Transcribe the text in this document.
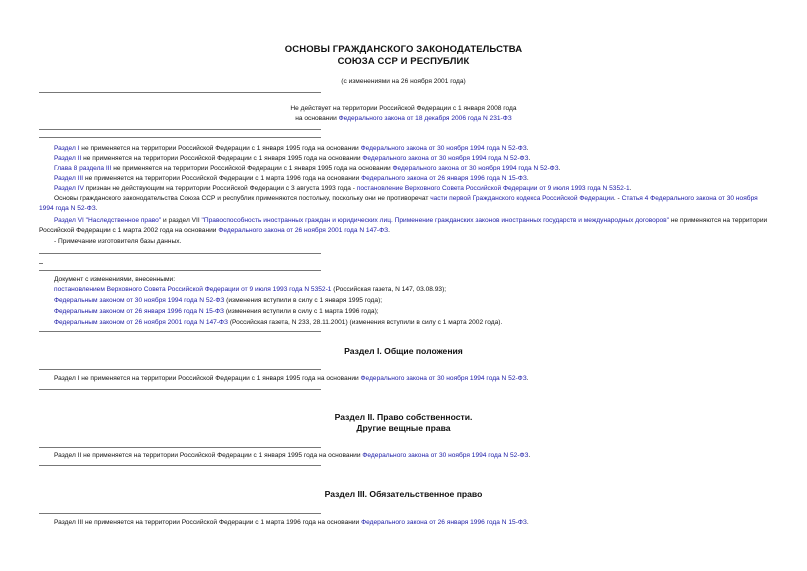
ОСНОВЫ ГРАЖДАНСКОГО ЗАКОНОДАТЕЛЬСТВА
СОЮЗА ССР И РЕСПУБЛИК
(с изменениями на 26 ноября 2001 года)
Не действует на территории Российской Федерации с 1 января 2008 года
на основании Федерального закона от 18 декабря 2006 года N 231-ФЗ
Раздел I не применяется на территории Российской Федерации с 1 января 1995 года на основании Федерального закона от 30 ноября 1994 года N 52-ФЗ.
Раздел II не применяется на территории Российской Федерации с 1 января 1995 года на основании Федерального закона от 30 ноября 1994 года N 52-ФЗ.
Глава 8 раздела III не применяется на территории Российской Федерации с 1 января 1995 года на основании Федерального закона от 30 ноября 1994 года N 52-ФЗ.
Раздел III не применяется на территории Российской Федерации с 1 марта 1996 года на основании Федерального закона от 26 января 1996 года N 15-ФЗ.
Раздел IV признан не действующим на территории Российской Федерации с 3 августа 1993 года - постановление Верховного Совета Российской Федерации от 9 июля 1993 года N 5352-1.
Основы гражданского законодательства Союза ССР и республик применяются постольку, поскольку они не противоречат части первой Гражданского кодекса Российской Федерации. - Статья 4 Федерального закона от 30 ноября 1994 года N 52-ФЗ.
Раздел VI "Наследственное право" и раздел VII "Правоспособность иностранных граждан и юридических лиц. Применение гражданских законов иностранных государств и международных договоров" не применяются на территории Российской Федерации с 1 марта 2002 года на основании Федерального закона от 26 ноября 2001 года N 147-ФЗ.
- Примечание изготовителя базы данных.
Документ с изменениями, внесенными:
постановлением Верховного Совета Российской Федерации от 9 июля 1993 года N 5352-1 (Российская газета, N 147, 03.08.93);
Федеральным законом от 30 ноября 1994 года N 52-ФЗ (изменения вступили в силу с 1 января 1995 года);
Федеральным законом от 26 января 1996 года N 15-ФЗ (изменения вступили в силу с 1 марта 1996 года);
Федеральным законом от 26 ноября 2001 года N 147-ФЗ (Российская газета, N 233, 28.11.2001) (изменения вступили в силу с 1 марта 2002 года).
Раздел I. Общие положения
Раздел I не применяется на территории Российской Федерации с 1 января 1995 года на основании Федерального закона от 30 ноября 1994 года N 52-ФЗ.
Раздел II. Право собственности.
Другие вещные права
Раздел II не применяется на территории Российской Федерации с 1 января 1995 года на основании Федерального закона от 30 ноября 1994 года N 52-ФЗ.
Раздел III. Обязательственное право
Раздел III не применяется на территории Российской Федерации с 1 марта 1996 года на основании Федерального закона от 26 января 1996 года N 15-ФЗ.
